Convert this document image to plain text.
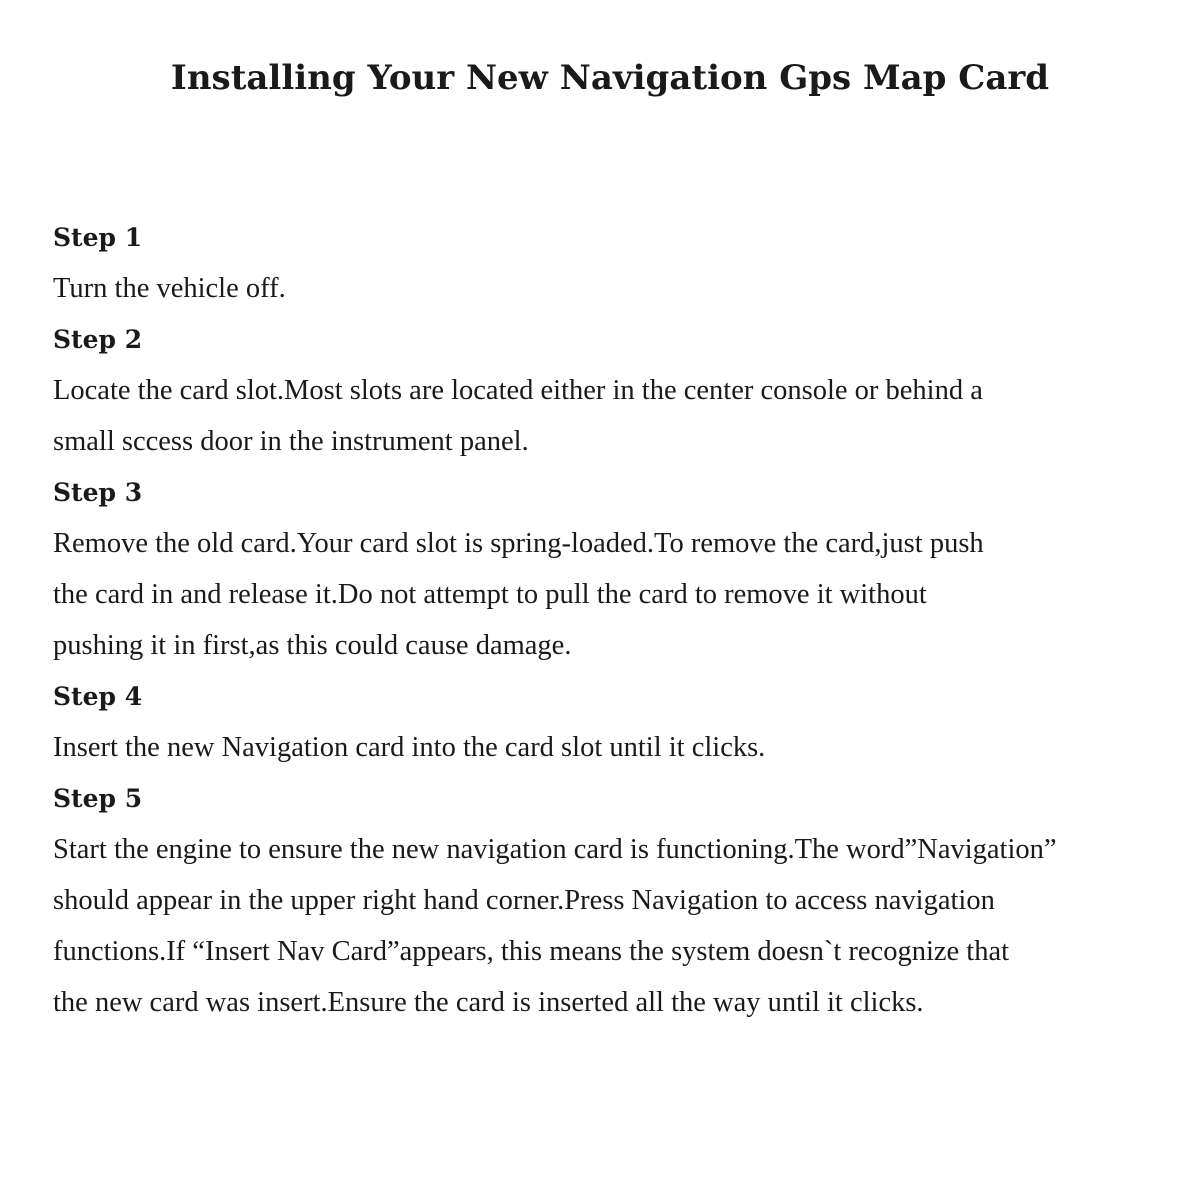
Installing Your New Navigation Gps Map Card

Step 1

Turn the vehicle off.

Step 2

Locate the card slot.Most slots are located either in the center console or behind a

small sccess door in the instrument panel.

Step 3

Remove the old card.Your card slot is spring-loaded.To remove the card,just push

the card in and release it.Do not attempt to pull the card to remove it without

pushing it in first,as this could cause damage.

Step 4

Insert the new Navigation card into the card slot until it clicks.

Step 5

Start the engine to ensure the new navigation card is functioning.The word”Navigation”

should appear in the upper right hand corner.Press Navigation to access navigation

functions.If “Insert Nav Card”appears, this means the system doesn`t recognize that

the new card was insert.Ensure the card is inserted all the way until it clicks.
